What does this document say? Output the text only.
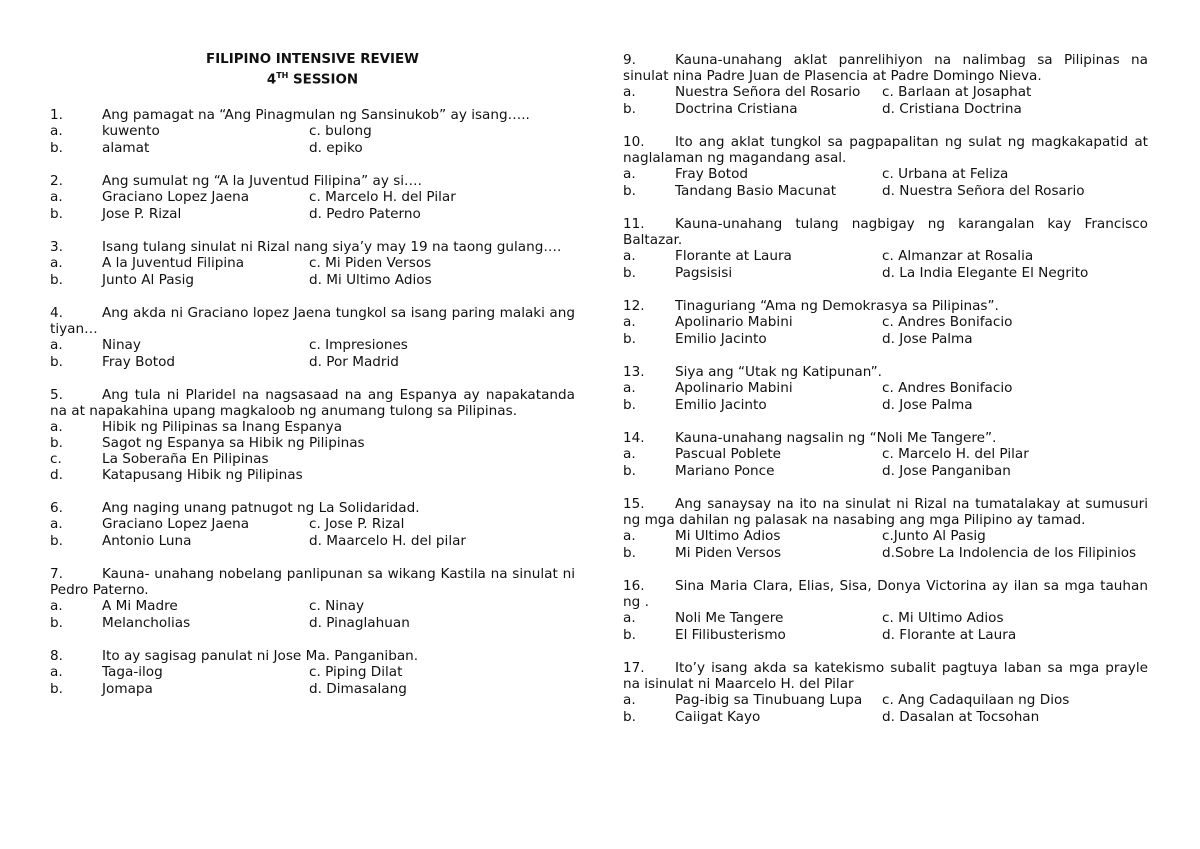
FILIPINO INTENSIVE REVIEW
4TH SESSION
1.	Ang pamagat na “Ang Pinagmulan ng Sansinukob” ay isang…..
a.	kuwento	c. bulong
b.	alamat	d. epiko
2.	Ang sumulat ng “A la Juventud Filipina” ay si….
a.	Graciano Lopez Jaena	c. Marcelo H. del Pilar
b.	Jose P. Rizal	d. Pedro Paterno
3.	Isang tulang sinulat ni Rizal nang siya’y may 19 na taong gulang….
a.	A la Juventud Filipina	c. Mi Piden Versos
b.	Junto Al Pasig	d. Mi Ultimo Adios
4.	Ang akda ni Graciano lopez Jaena tungkol sa isang paring malaki ang tiyan…
a.	Ninay	c. Impresiones
b.	Fray Botod	d. Por Madrid
5.	Ang tula ni Plaridel na nagsasaad na ang Espanya ay napakatanda na at napakahina upang magkaloob ng anumang tulong sa Pilipinas.
a.	Hibik ng Pilipinas sa Inang Espanya
b.	Sagot ng Espanya sa Hibik ng Pilipinas
c.	La Soberaña En Pilipinas
d.	Katapusang Hibik ng Pilipinas
6.	Ang naging unang patnugot ng La Solidaridad.
a.	Graciano Lopez Jaena	c. Jose P. Rizal
b.	Antonio Luna	d. Maarcelo H. del pilar
7.	Kauna- unahang nobelang panlipunan sa wikang Kastila na sinulat ni Pedro Paterno.
a.	A Mi Madre	c. Ninay
b.	Melancholias	d. Pinaglahuan
8.	Ito ay sagisag panulat ni Jose Ma. Panganiban.
a.	Taga-ilog	c. Piping Dilat
b.	Jomapa	d. Dimasalang
9.	Kauna-unahang aklat panrelihiyon na nalimbag sa Pilipinas na sinulat nina Padre Juan de Plasencia at Padre Domingo Nieva.
a.	Nuestra Señora del Rosario c. Barlaan at Josaphat
b.	Doctrina Cristiana	d. Cristiana Doctrina
10. Ito ang aklat tungkol sa pagpapalitan ng sulat ng magkakapatid at naglalaman ng magandang asal.
a.	Fray Botod	c. Urbana at Feliza
b.	Tandang Basio Macunat	d. Nuestra Señora del Rosario
11. Kauna-unahang tulang nagbigay ng karangalan kay Francisco Baltazar.
a.	Florante at Laura	c. Almanzar at Rosalia
b.	Pagsisisi	d. La India Elegante El Negrito
12. Tinaguriang “Ama ng Demokrasya sa Pilipinas”.
a.	Apolinario Mabini	c. Andres Bonifacio
b.	Emilio Jacinto	d. Jose Palma
13. Siya ang “Utak ng Katipunan”.
a.	Apolinario Mabini	c. Andres Bonifacio
b.	Emilio Jacinto	d. Jose Palma
14. Kauna-unahang nagsalin ng “Noli Me Tangere”.
a.	Pascual Poblete	c. Marcelo H. del Pilar
b.	Mariano Ponce	d. Jose Panganiban
15. Ang sanaysay na ito na sinulat ni Rizal na tumatalakay at sumusuri ng mga dahilan ng palasak na nasabing ang mga Pilipino ay tamad.
a.	Mi Ultimo Adios	c.Junto Al Pasig
b.	Mi Piden Versos	d.Sobre La Indolencia de los Filipinios
16. Sina Maria Clara, Elias, Sisa, Donya Victorina ay ilan sa mga tauhan ng .
a.	Noli Me Tangere	c. Mi Ultimo Adios
b.	El Filibusterismo	d. Florante at Laura
17. Ito’y isang akda sa katekismo subalit pagtuya laban sa mga prayle na isinulat ni Maarcelo H. del Pilar
a.	Pag-ibig sa Tinubuang Lupa c. Ang Cadaquilaan ng Dios
b.	Caiigat Kayo	d. Dasalan at Tocsohan
